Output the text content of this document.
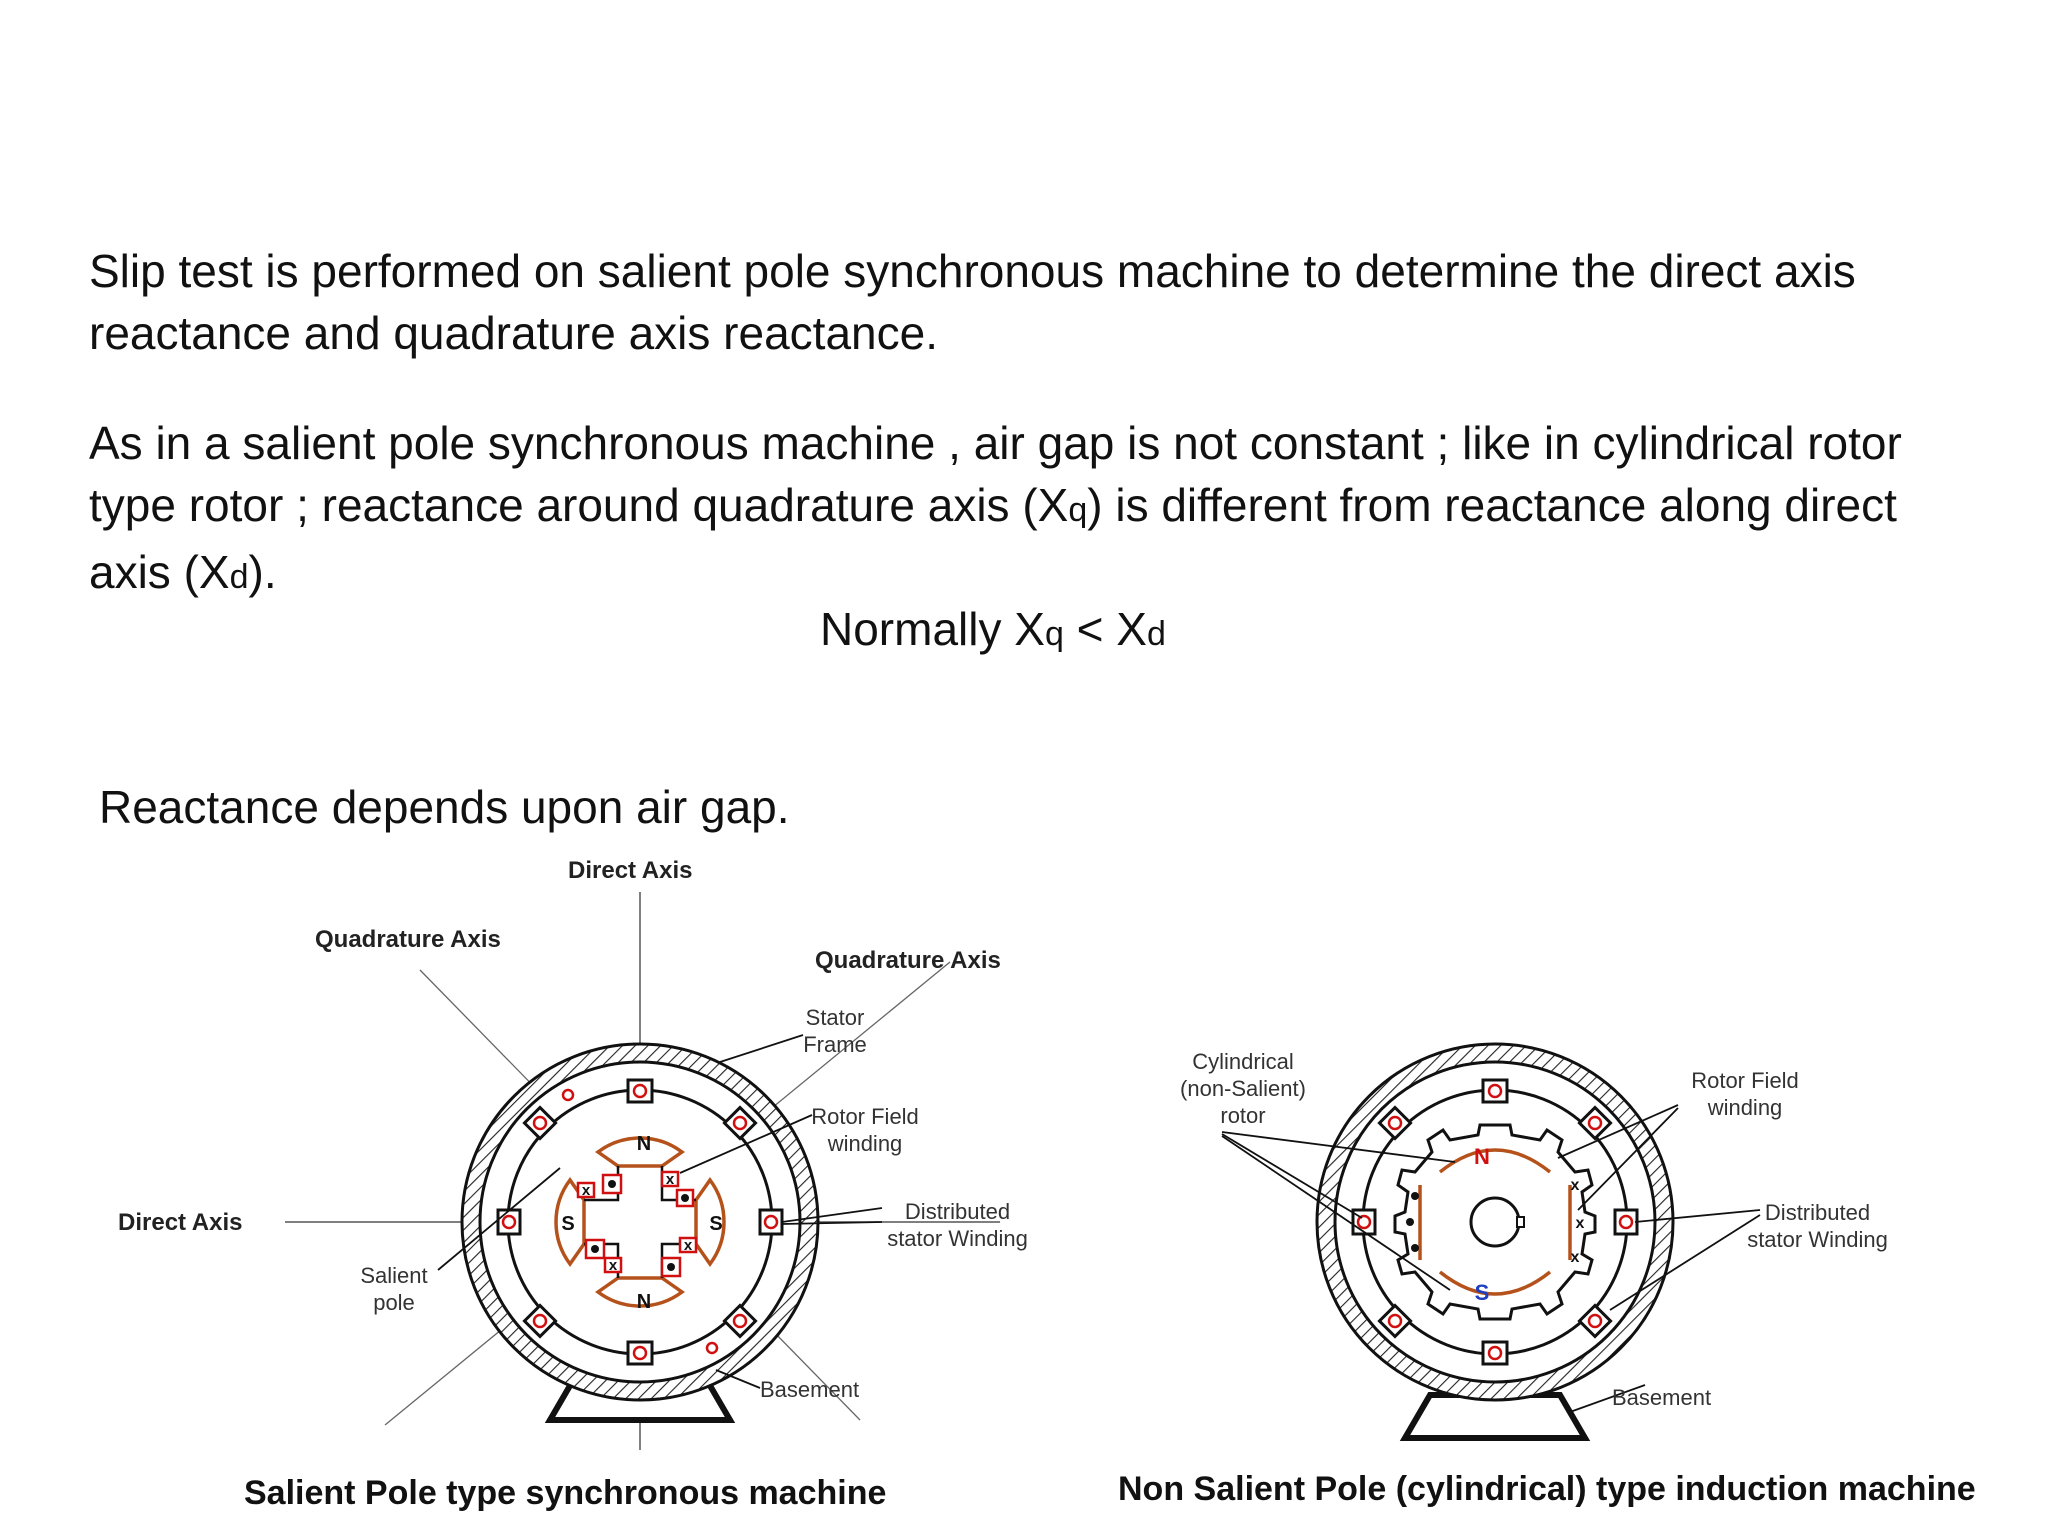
Slip test is performed on salient pole synchronous machine to determine the direct axis
reactance and quadrature axis reactance.
As in a salient pole synchronous machine , air gap is not constant ; like in cylindrical rotor
type rotor ; reactance around quadrature axis (Xq) is different from reactance along direct
axis (Xd).
Normally Xq < Xd
Reactance depends upon air gap.
x
x
x
x
N
N
S	S
Direct Axis
Quadrature Axis
Quadrature Axis
Stator
Frame
Rotor Field
winding
Distributed
stator Winding
Direct Axis
Salient
pole
Basement
Salient Pole type synchronous machine
x
x
x
N
S
Cylindrical
(non-Salient)
rotor
Rotor Field
winding
Distributed
stator Winding
Basement
Non Salient Pole (cylindrical) type induction machine
